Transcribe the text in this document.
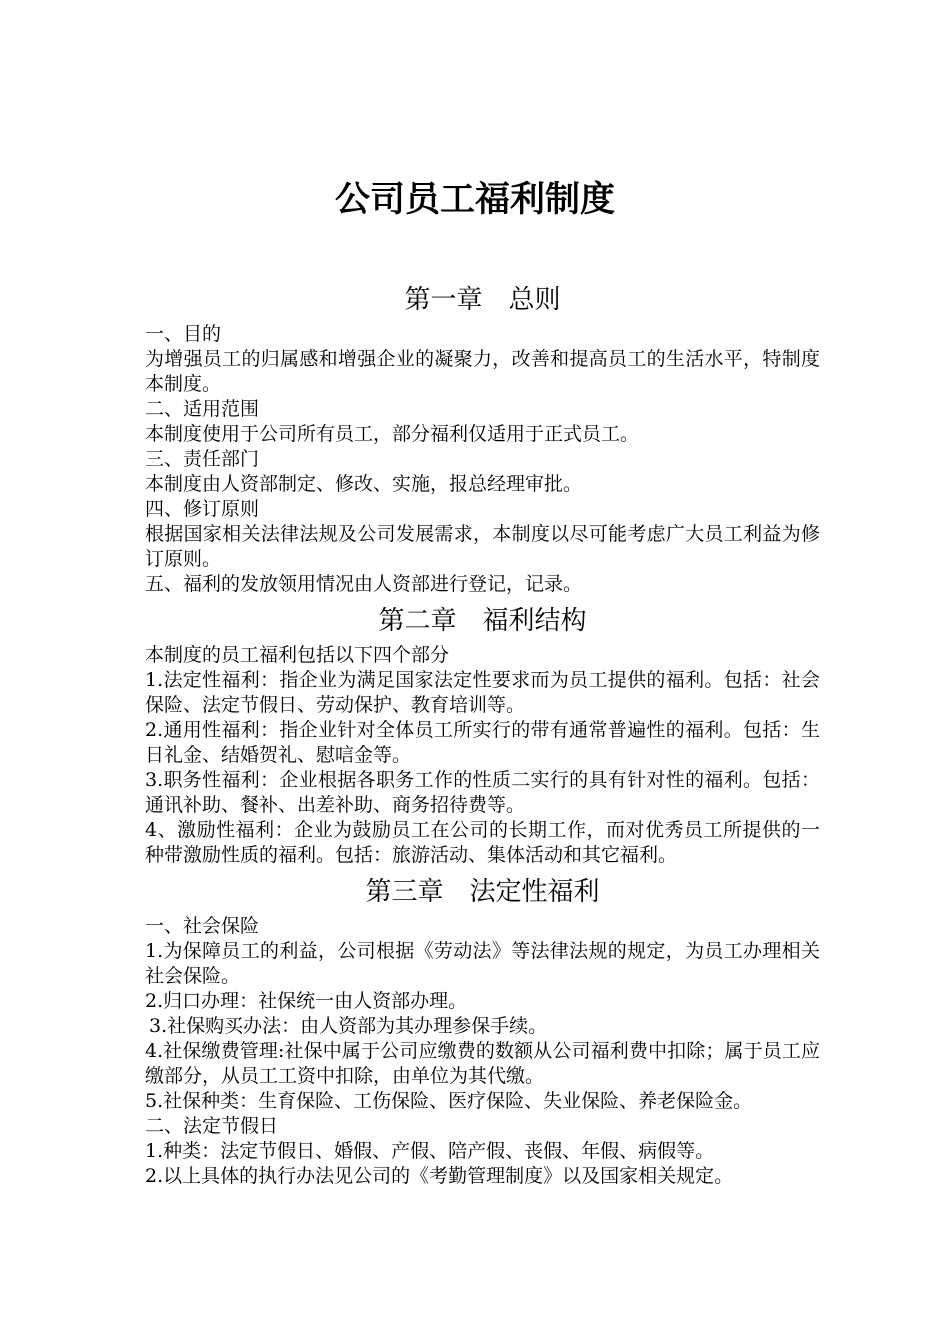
公司员工福利制度
第一章　总则

一、目的

为增强员工的归属感和增强企业的凝聚力，改善和提高员工的生活水平，特制度本制度。

二、适用范围

本制度使用于公司所有员工，部分福利仅适用于正式员工。

三、责任部门

本制度由人资部制定、修改、实施，报总经理审批。

四、修订原则

根据国家相关法律法规及公司发展需求，本制度以尽可能考虑广大员工利益为修订原则。

五、福利的发放领用情况由人资部进行登记，记录。

第二章　福利结构

本制度的员工福利包括以下四个部分

1.法定性福利：指企业为满足国家法定性要求而为员工提供的福利。包括：社会保险、法定节假日、劳动保护、教育培训等。

2.通用性福利：指企业针对全体员工所实行的带有通常普遍性的福利。包括：生日礼金、结婚贺礼、慰唁金等。

3.职务性福利：企业根据各职务工作的性质二实行的具有针对性的福利。包括：通讯补助、餐补、出差补助、商务招待费等。

4、激励性福利：企业为鼓励员工在公司的长期工作，而对优秀员工所提供的一种带激励性质的福利。包括：旅游活动、集体活动和其它福利。

第三章　法定性福利

一、社会保险

1.为保障员工的利益，公司根据《劳动法》等法律法规的规定，为员工办理相关社会保险。

2.归口办理：社保统一由人资部办理。

3.社保购买办法：由人资部为其办理参保手续。

4.社保缴费管理:社保中属于公司应缴费的数额从公司福利费中扣除；属于员工应缴部分，从员工工资中扣除，由单位为其代缴。

5.社保种类：生育保险、工伤保险、医疗保险、失业保险、养老保险金。

二、法定节假日

1.种类：法定节假日、婚假、产假、陪产假、丧假、年假、病假等。

2.以上具体的执行办法见公司的《考勤管理制度》以及国家相关规定。
